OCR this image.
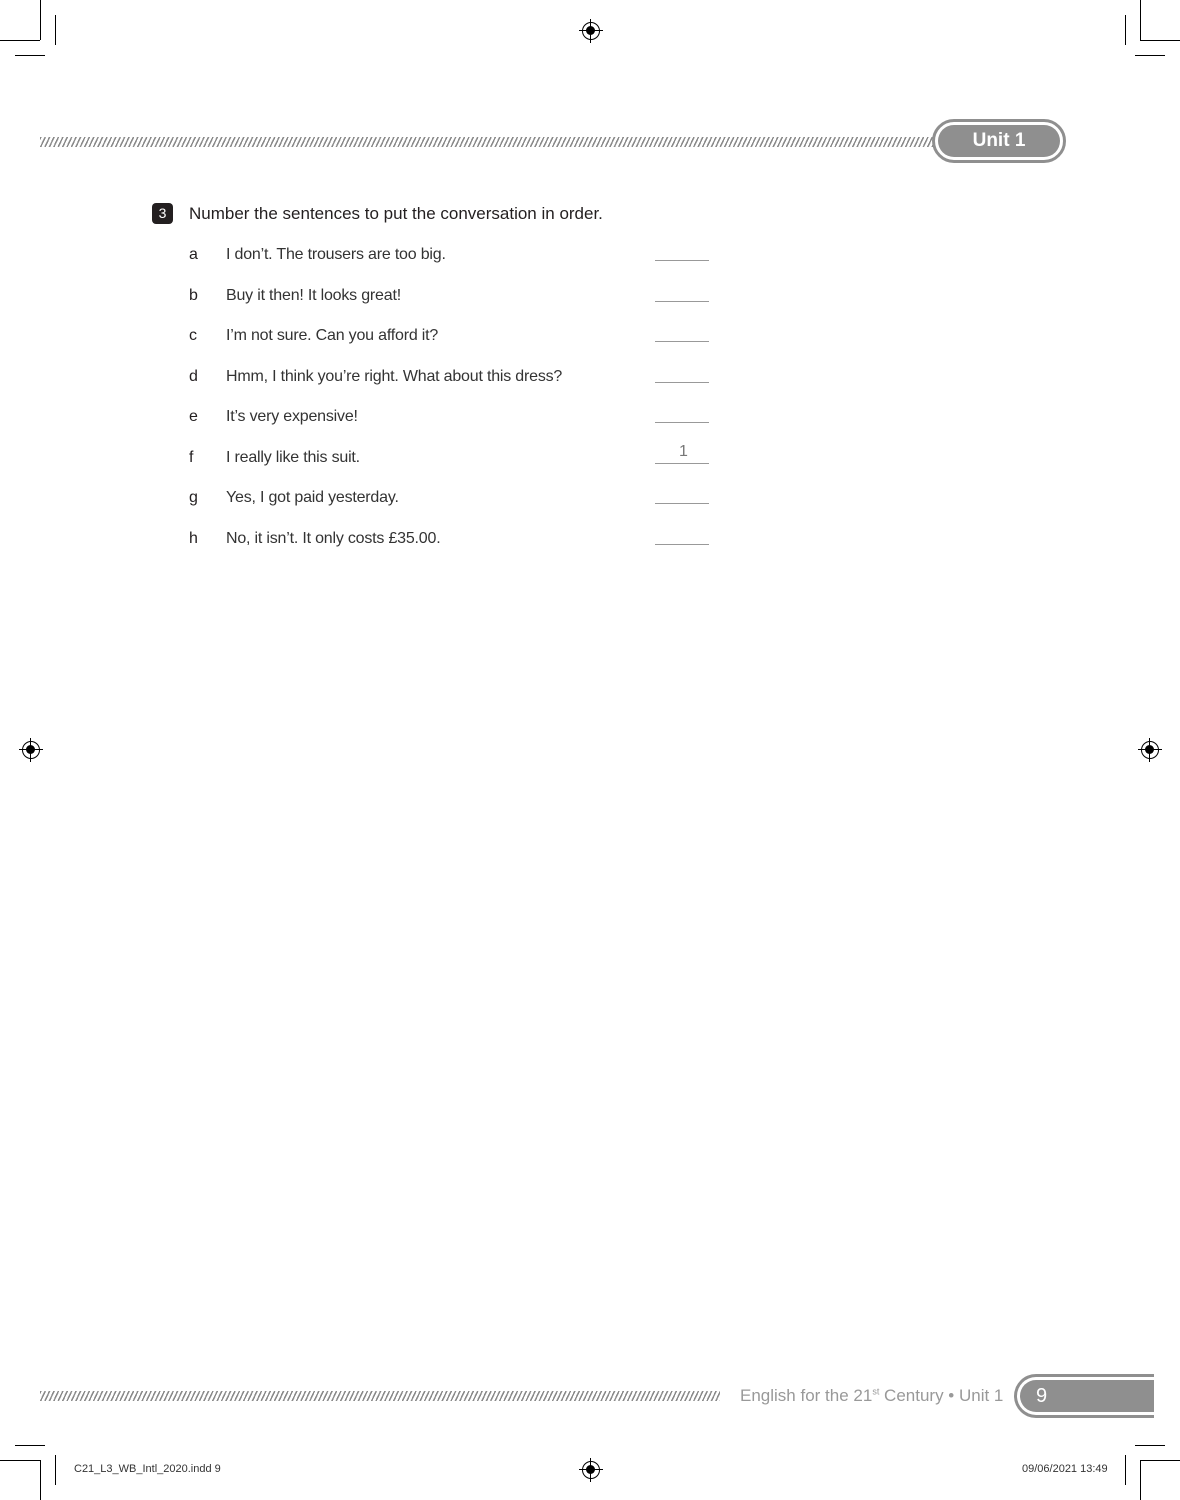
Unit 1
3	Number the sentences to put the conversation in order.
a I don’t. The trousers are too big.
b Buy it then! It looks great!
c I’m not sure. Can you afford it?
d Hmm, I think you’re right. What about this dress?
e It’s very expensive!
f I really like this suit.	1
g Yes, I got paid yesterday.
h No, it isn’t. It only costs £35.00.
English for the 21st Century • Unit 1	9
C21_L3_WB_Intl_2020.indd 9	09/06/2021 13:49
